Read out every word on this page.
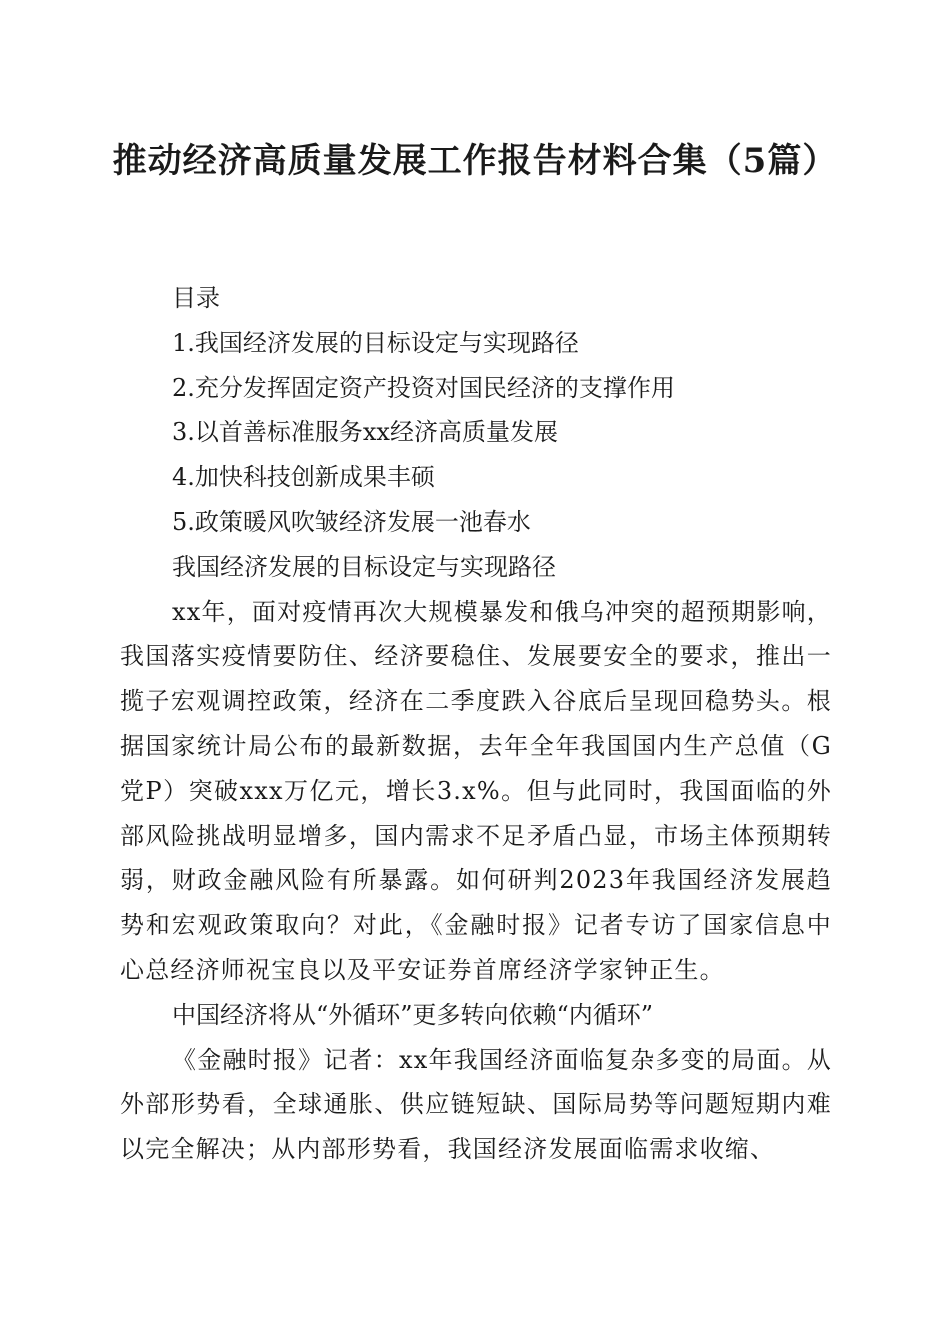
推动经济高质量发展工作报告材料合集（5篇）

目录

1.我国经济发展的目标设定与实现路径

2.充分发挥固定资产投资对国民经济的支撑作用

3.以首善标准服务xx经济高质量发展

4.加快科技创新成果丰硕

5.政策暖风吹皱经济发展一池春水

我国经济发展的目标设定与实现路径

xx年，面对疫情再次大规模暴发和俄乌冲突的超预期影响，我国落实疫情要防住、经济要稳住、发展要安全的要求，推出一揽子宏观调控政策，经济在二季度跌入谷底后呈现回稳势头。根据国家统计局公布的最新数据，去年全年我国国内生产总值（G党P）突破xxx万亿元，增长3.x%。但与此同时，我国面临的外部风险挑战明显增多，国内需求不足矛盾凸显，市场主体预期转弱，财政金融风险有所暴露。如何研判2023年我国经济发展趋势和宏观政策取向？对此，《金融时报》记者专访了国家信息中心总经济师祝宝良以及平安证券首席经济学家钟正生。

中国经济将从“外循环”更多转向依赖“内循环”

《金融时报》记者：xx年我国经济面临复杂多变的局面。从外部形势看，全球通胀、供应链短缺、国际局势等问题短期内难以完全解决；从内部形势看，我国经济发展面临需求收缩、
